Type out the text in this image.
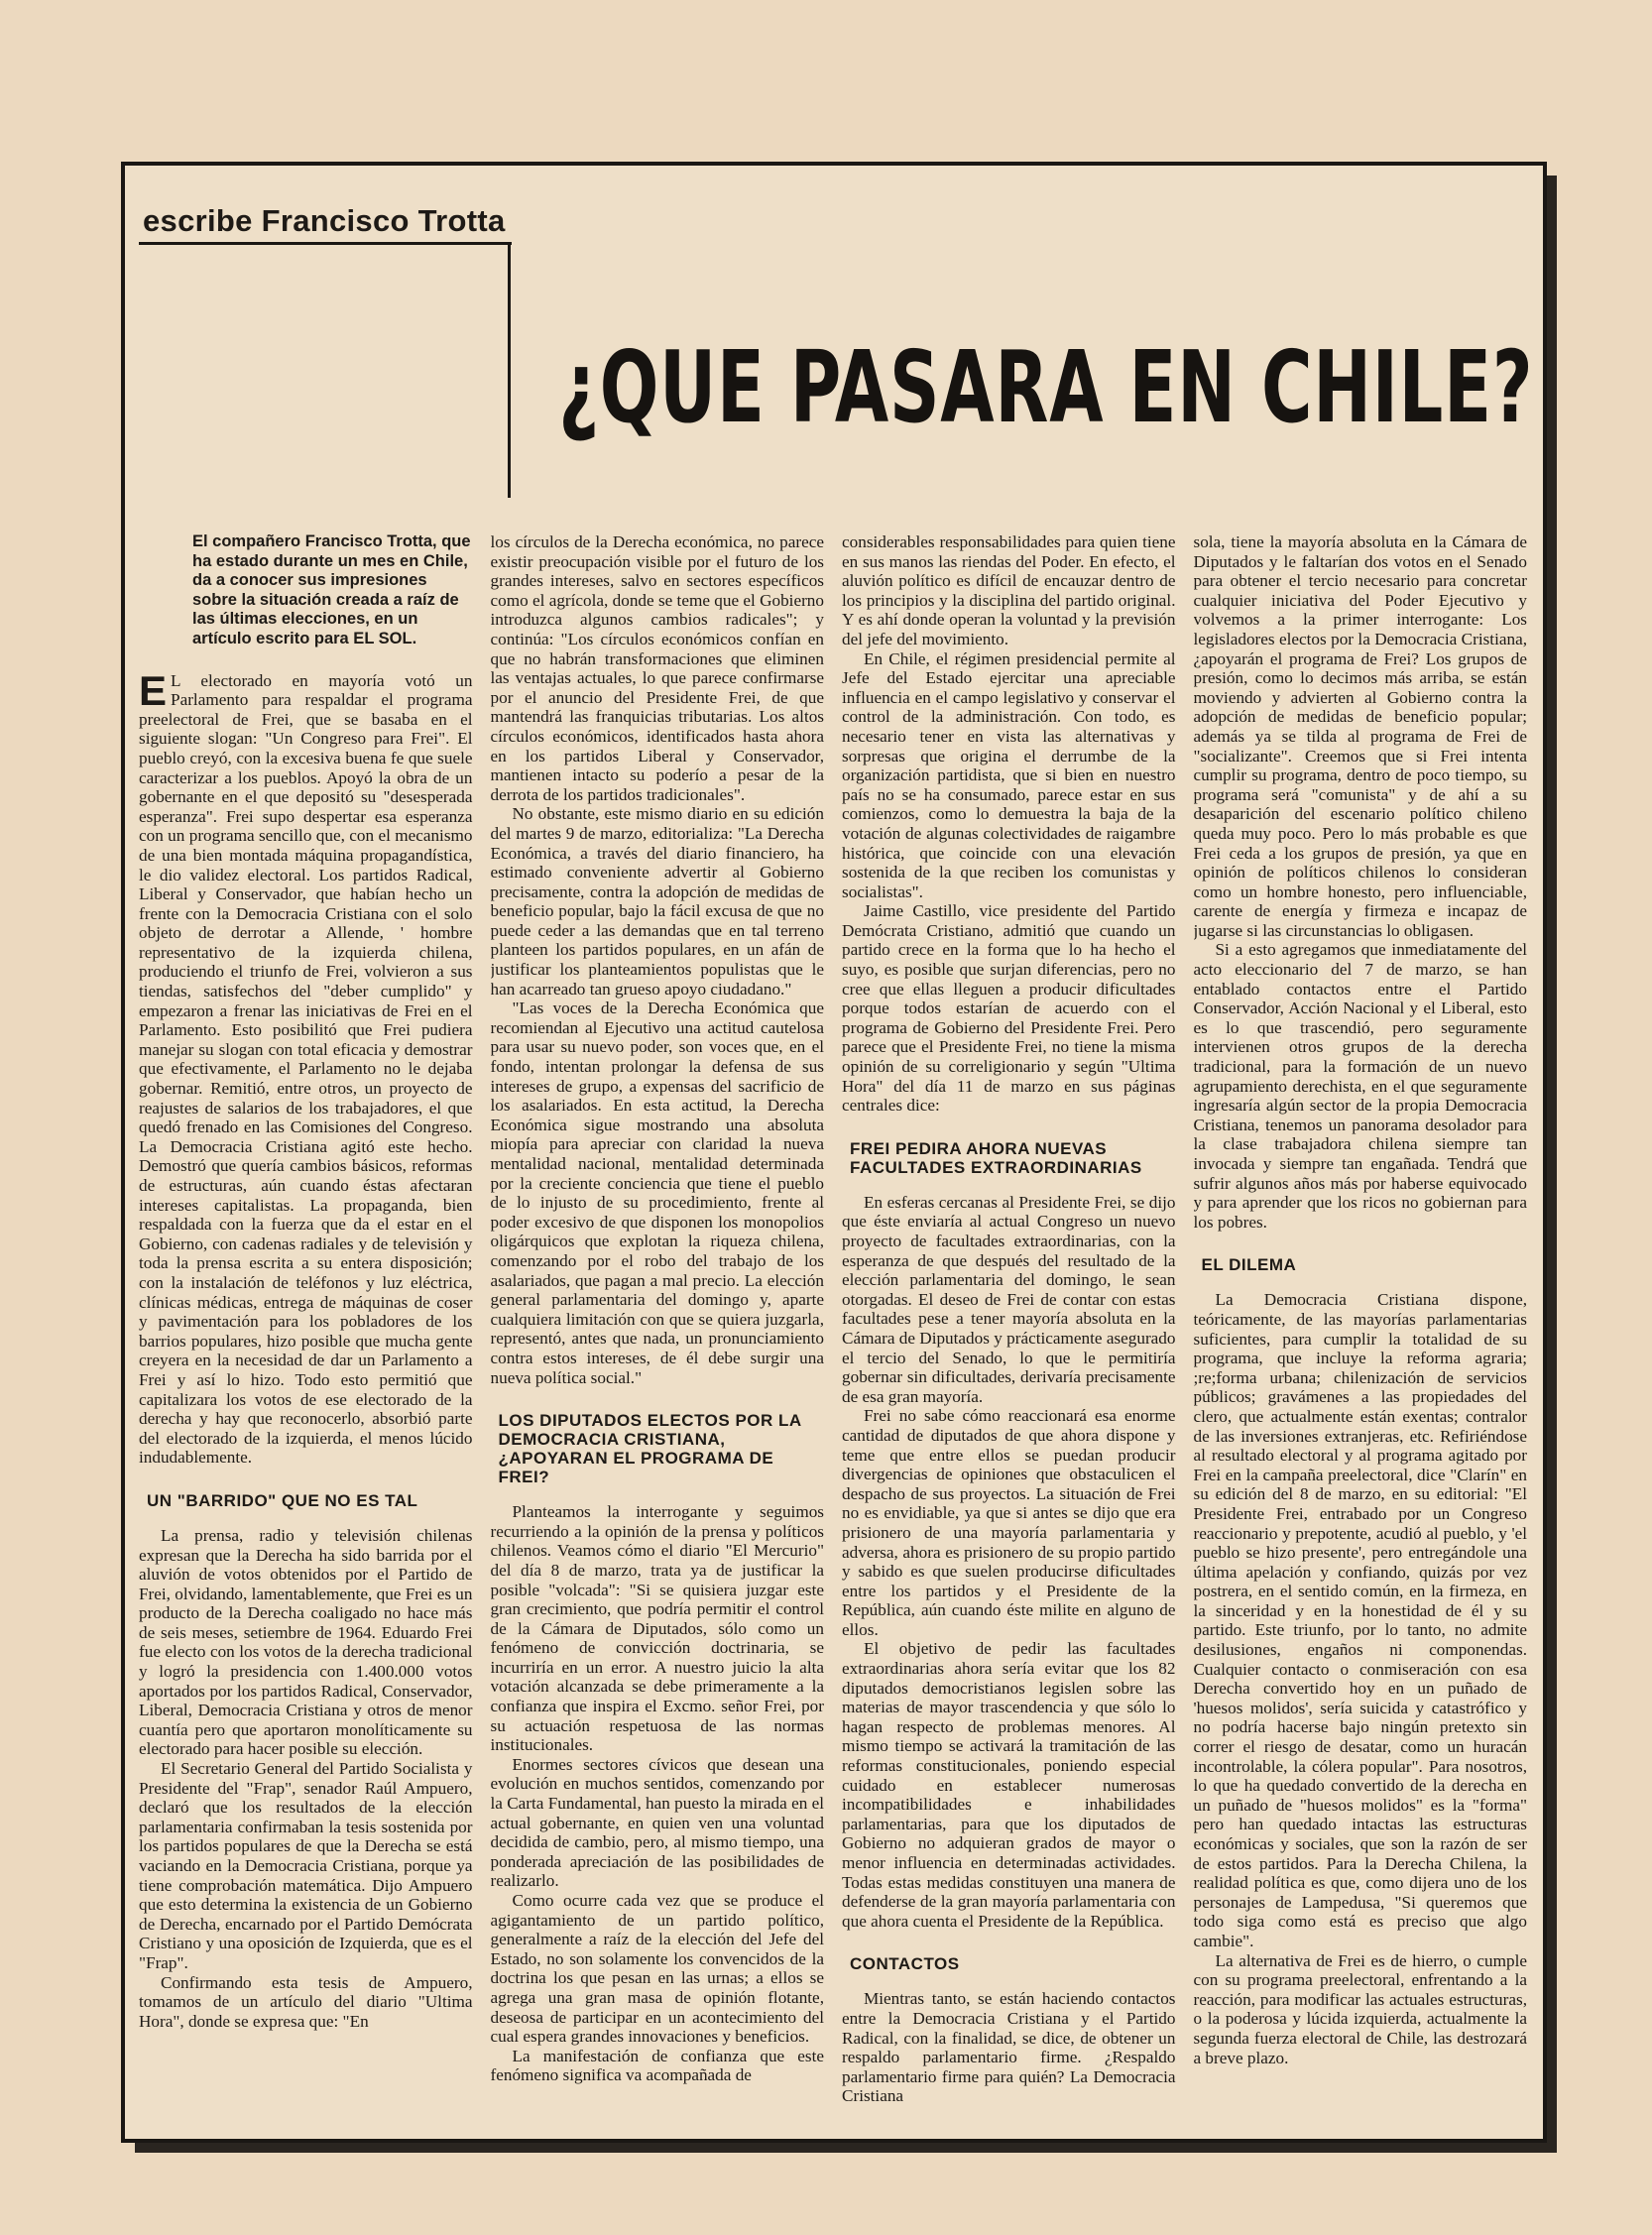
escribe Francisco Trotta
¿QUE PASARA EN CHILE?

El compañero Francisco Trotta, que ha estado durante un mes en Chile, da a conocer sus impresiones sobre la situación creada a raíz de las últimas elecciones, en un artículo escrito para EL SOL.

E L electorado en mayoría votó un Parlamento para respaldar el programa preelectoral de Frei, que se basaba en el siguiente slogan: "Un Congreso para Frei". El pueblo creyó, con la excesiva buena fe que suele caracterizar a los pueblos. Apoyó la obra de un gobernante en el que depositó su "desesperada esperanza". Frei supo despertar esa esperanza con un programa sencillo que, con el mecanismo de una bien montada máquina propagandística, le dio validez electoral. Los partidos Radical, Liberal y Conservador, que habían hecho un frente con la Democracia Cristiana con el solo objeto de derrotar a Allende, ' hombre representativo de la izquierda chilena, produciendo el triunfo de Frei, volvieron a sus tiendas, satisfechos del "deber cumplido" y empezaron a frenar las iniciativas de Frei en el Parlamento. Esto posibilitó que Frei pudiera manejar su slogan con total eficacia y demostrar que efectivamente, el Parlamento no le dejaba gobernar. Remitió, entre otros, un proyecto de reajustes de salarios de los trabajadores, el que quedó frenado en las Comisiones del Congreso. La Democracia Cristiana agitó este hecho. Demostró que quería cambios básicos, reformas de estructuras, aún cuando éstas afectaran intereses capitalistas. La propaganda, bien respaldada con la fuerza que da el estar en el Gobierno, con cadenas radiales y de televisión y toda la prensa escrita a su entera disposición; con la instalación de teléfonos y luz eléctrica, clínicas médicas, entrega de máquinas de coser y pavimentación para los pobladores de los barrios populares, hizo posible que mucha gente creyera en la necesidad de dar un Parlamento a Frei y así lo hizo. Todo esto permitió que capitalizara los votos de ese electorado de la derecha y hay que reconocerlo, absorbió parte del electorado de la izquierda, el menos lúcido indudablemente.

UN "BARRIDO" QUE NO ES TAL

La prensa, radio y televisión chilenas expresan que la Derecha ha sido barrida por el aluvión de votos obtenidos por el Partido de Frei, olvidando, lamentablemente, que Frei es un producto de la Derecha coaligado no hace más de seis meses, setiembre de 1964. Eduardo Frei fue electo con los votos de la derecha tradicional y logró la presidencia con 1.400.000 votos aportados por los partidos Radical, Conservador, Liberal, Democracia Cristiana y otros de menor cuantía pero que aportaron monolíticamente su electorado para hacer posible su elección.

El Secretario General del Partido Socialista y Presidente del "Frap", senador Raúl Ampuero, declaró que los resultados de la elección parlamentaria confirmaban la tesis sostenida por los partidos populares de que la Derecha se está vaciando en la Democracia Cristiana, porque ya tiene comprobación matemática. Dijo Ampuero que esto determina la existencia de un Gobierno de Derecha, encarnado por el Partido Demócrata Cristiano y una oposición de Izquierda, que es el "Frap".

Confirmando esta tesis de Ampuero, tomamos de un artículo del diario "Ultima Hora", donde se expresa que: "En

los círculos de la Derecha económica, no parece existir preocupación visible por el futuro de los grandes intereses, salvo en sectores específicos como el agrícola, donde se teme que el Gobierno introduzca algunos cambios radicales"; y continúa: "Los círculos económicos confían en que no habrán transformaciones que eliminen las ventajas actuales, lo que parece confirmarse por el anuncio del Presidente Frei, de que mantendrá las franquicias tributarias. Los altos círculos económicos, identificados hasta ahora en los partidos Liberal y Conservador, mantienen intacto su poderío a pesar de la derrota de los partidos tradicionales".

No obstante, este mismo diario en su edición del martes 9 de marzo, editorializa: "La Derecha Económica, a través del diario financiero, ha estimado conveniente advertir al Gobierno precisamente, contra la adopción de medidas de beneficio popular, bajo la fácil excusa de que no puede ceder a las demandas que en tal terreno planteen los partidos populares, en un afán de justificar los planteamientos populistas que le han acarreado tan grueso apoyo ciudadano."

"Las voces de la Derecha Económica que recomiendan al Ejecutivo una actitud cautelosa para usar su nuevo poder, son voces que, en el fondo, intentan prolongar la defensa de sus intereses de grupo, a expensas del sacrificio de los asalariados. En esta actitud, la Derecha Económica sigue mostrando una absoluta miopía para apreciar con claridad la nueva mentalidad nacional, mentalidad determinada por la creciente conciencia que tiene el pueblo de lo injusto de su procedimiento, frente al poder excesivo de que disponen los monopolios oligárquicos que explotan la riqueza chilena, comenzando por el robo del trabajo de los asalariados, que pagan a mal precio. La elección general parlamentaria del domingo y, aparte cualquiera limitación con que se quiera juzgarla, representó, antes que nada, un pronunciamiento contra estos intereses, de él debe surgir una nueva política social."

LOS DIPUTADOS ELECTOS POR LA DEMOCRACIA CRISTIANA, ¿APOYARAN EL PROGRAMA DE FREI?

Planteamos la interrogante y seguimos recurriendo a la opinión de la prensa y políticos chilenos. Veamos cómo el diario "El Mercurio" del día 8 de marzo, trata ya de justificar la posible "volcada": "Si se quisiera juzgar este gran crecimiento, que podría permitir el control de la Cámara de Diputados, sólo como un fenómeno de convicción doctrinaria, se incurriría en un error. A nuestro juicio la alta votación alcanzada se debe primeramente a la confianza que inspira el Excmo. señor Frei, por su actuación respetuosa de las normas institucionales.

Enormes sectores cívicos que desean una evolución en muchos sentidos, comenzando por la Carta Fundamental, han puesto la mirada en el actual gobernante, en quien ven una voluntad decidida de cambio, pero, al mismo tiempo, una ponderada apreciación de las posibilidades de realizarlo.

Como ocurre cada vez que se produce el agigantamiento de un partido político, generalmente a raíz de la elección del Jefe del Estado, no son solamente los convencidos de la doctrina los que pesan en las urnas; a ellos se agrega una gran masa de opinión flotante, deseosa de participar en un acontecimiento del cual espera grandes innovaciones y beneficios.

La manifestación de confianza que este fenómeno significa va acompañada de

considerables responsabilidades para quien tiene en sus manos las riendas del Poder. En efecto, el aluvión político es difícil de encauzar dentro de los principios y la disciplina del partido original. Y es ahí donde operan la voluntad y la previsión del jefe del movimiento.

En Chile, el régimen presidencial permite al Jefe del Estado ejercitar una apreciable influencia en el campo legislativo y conservar el control de la administración. Con todo, es necesario tener en vista las alternativas y sorpresas que origina el derrumbe de la organización partidista, que si bien en nuestro país no se ha consumado, parece estar en sus comienzos, como lo demuestra la baja de la votación de algunas colectividades de raigambre histórica, que coincide con una elevación sostenida de la que reciben los comunistas y socialistas".

Jaime Castillo, vice presidente del Partido Demócrata Cristiano, admitió que cuando un partido crece en la forma que lo ha hecho el suyo, es posible que surjan diferencias, pero no cree que ellas lleguen a producir dificultades porque todos estarían de acuerdo con el programa de Gobierno del Presidente Frei. Pero parece que el Presidente Frei, no tiene la misma opinión de su correligionario y según "Ultima Hora" del día 11 de marzo en sus páginas centrales dice:

FREI PEDIRA AHORA NUEVAS FACULTADES EXTRAORDINARIAS

En esferas cercanas al Presidente Frei, se dijo que éste enviaría al actual Congreso un nuevo proyecto de facultades extraordinarias, con la esperanza de que después del resultado de la elección parlamentaria del domingo, le sean otorgadas. El deseo de Frei de contar con estas facultades pese a tener mayoría absoluta en la Cámara de Diputados y prácticamente asegurado el tercio del Senado, lo que le permitiría gobernar sin dificultades, derivaría precisamente de esa gran mayoría.

Frei no sabe cómo reaccionará esa enorme cantidad de diputados de que ahora dispone y teme que entre ellos se puedan producir divergencias de opiniones que obstaculicen el despacho de sus proyectos. La situación de Frei no es envidiable, ya que si antes se dijo que era prisionero de una mayoría parlamentaria y adversa, ahora es prisionero de su propio partido y sabido es que suelen producirse dificultades entre los partidos y el Presidente de la República, aún cuando éste milite en alguno de ellos.

El objetivo de pedir las facultades extraordinarias ahora sería evitar que los 82 diputados democristianos legislen sobre las materias de mayor trascendencia y que sólo lo hagan respecto de problemas menores. Al mismo tiempo se activará la tramitación de las reformas constitucionales, poniendo especial cuidado en establecer numerosas incompatibilidades e inhabilidades parlamentarias, para que los diputados de Gobierno no adquieran grados de mayor o menor influencia en determinadas actividades. Todas estas medidas constituyen una manera de defenderse de la gran mayoría parlamentaria con que ahora cuenta el Presidente de la República.

CONTACTOS

Mientras tanto, se están haciendo contactos entre la Democracia Cristiana y el Partido Radical, con la finalidad, se dice, de obtener un respaldo parlamentario firme. ¿Respaldo parlamentario firme para quién? La Democracia Cristiana

sola, tiene la mayoría absoluta en la Cámara de Diputados y le faltarían dos votos en el Senado para obtener el tercio necesario para concretar cualquier iniciativa del Poder Ejecutivo y volvemos a la primer interrogante: Los legisladores electos por la Democracia Cristiana, ¿apoyarán el programa de Frei? Los grupos de presión, como lo decimos más arriba, se están moviendo y advierten al Gobierno contra la adopción de medidas de beneficio popular; además ya se tilda al programa de Frei de "socializante". Creemos que si Frei intenta cumplir su programa, dentro de poco tiempo, su programa será "comunista" y de ahí a su desaparición del escenario político chileno queda muy poco. Pero lo más probable es que Frei ceda a los grupos de presión, ya que en opinión de políticos chilenos lo consideran como un hombre honesto, pero influenciable, carente de energía y firmeza e incapaz de jugarse si las circunstancias lo obligasen.

Si a esto agregamos que inmediatamente del acto eleccionario del 7 de marzo, se han entablado contactos entre el Partido Conservador, Acción Nacional y el Liberal, esto es lo que trascendió, pero seguramente intervienen otros grupos de la derecha tradicional, para la formación de un nuevo agrupamiento derechista, en el que seguramente ingresaría algún sector de la propia Democracia Cristiana, tenemos un panorama desolador para la clase trabajadora chilena siempre tan invocada y siempre tan engañada. Tendrá que sufrir algunos años más por haberse equivocado y para aprender que los ricos no gobiernan para los pobres.

EL DILEMA

La Democracia Cristiana dispone, teóricamente, de las mayorías parlamentarias suficientes, para cumplir la totalidad de su programa, que incluye la reforma agraria; ;re;forma urbana; chilenización de servicios públicos; gravámenes a las propiedades del clero, que actualmente están exentas; contralor de las inversiones extranjeras, etc. Refiriéndose al resultado electoral y al programa agitado por Frei en la campaña preelectoral, dice "Clarín" en su edición del 8 de marzo, en su editorial: "El Presidente Frei, entrabado por un Congreso reaccionario y prepotente, acudió al pueblo, y 'el pueblo se hizo presente', pero entregándole una última apelación y confiando, quizás por vez postrera, en el sentido común, en la firmeza, en la sinceridad y en la honestidad de él y su partido. Este triunfo, por lo tanto, no admite desilusiones, engaños ni componendas. Cualquier contacto o conmiseración con esa Derecha convertido hoy en un puñado de 'huesos molidos', sería suicida y catastrófico y no podría hacerse bajo ningún pretexto sin correr el riesgo de desatar, como un huracán incontrolable, la cólera popular". Para nosotros, lo que ha quedado convertido de la derecha en un puñado de "huesos molidos" es la "forma" pero han quedado intactas las estructuras económicas y sociales, que son la razón de ser de estos partidos. Para la Derecha Chilena, la realidad política es que, como dijera uno de los personajes de Lampedusa, "Si queremos que todo siga como está es preciso que algo cambie".

La alternativa de Frei es de hierro, o cumple con su programa preelectoral, enfrentando a la reacción, para modificar las actuales estructuras, o la poderosa y lúcida izquierda, actualmente la segunda fuerza electoral de Chile, las destrozará a breve plazo.
